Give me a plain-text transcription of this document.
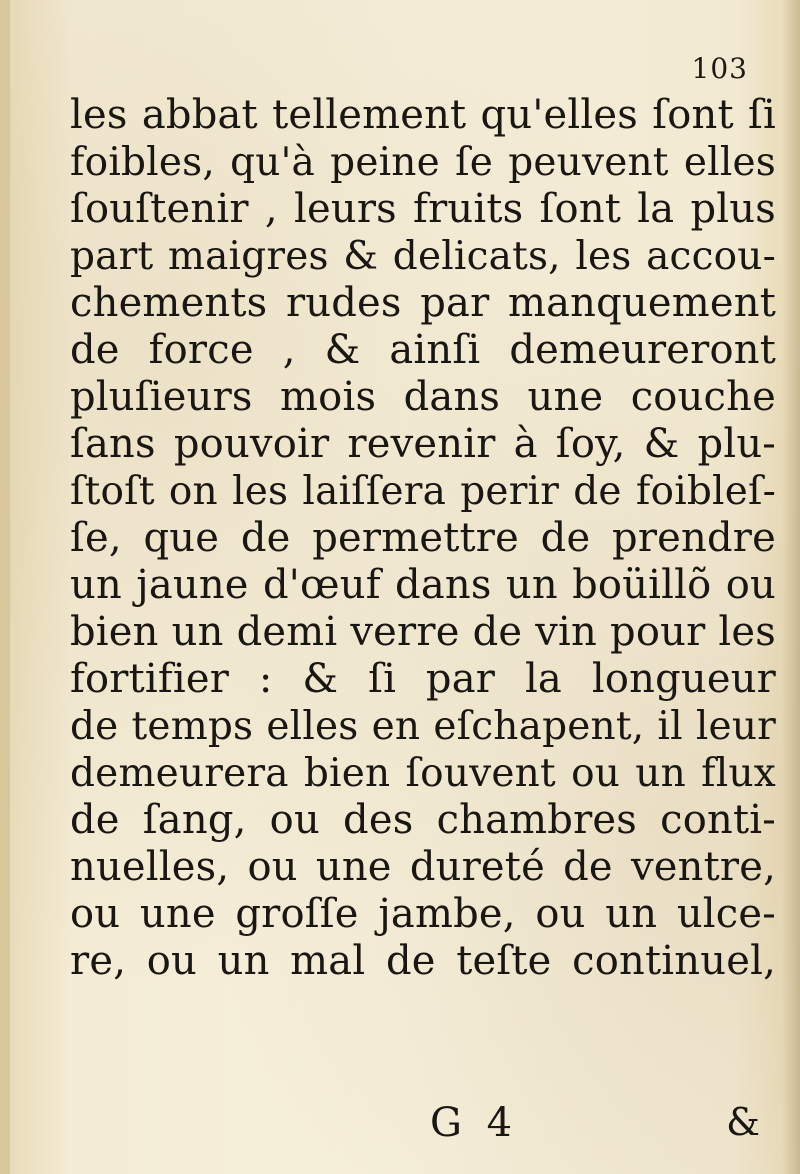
103
les abbat tellement qu'elles ſont ſi
foibles, qu'à peine ſe peuvent elles
ſouſtenir , leurs fruits ſont la plus
part maigres & delicats, les accou-
chements rudes par manquement
de force , & ainſi demeureront
pluſieurs mois dans une couche
ſans pouvoir revenir à ſoy, & plu-
ſtoſt on les laiſſera perir de foibleſ-
ſe, que de permettre de prendre
un jaune d'œuf dans un boüillõ ou
bien un demi verre de vin pour les
fortifier : & ſi par la longueur
de temps elles en eſchapent, il leur
demeurera bien ſouvent ou un flux
de ſang, ou des chambres conti-
nuelles, ou une dureté de ventre,
ou une groſſe jambe, ou un ulce-
re, ou un mal de teſte continuel,
G 4	&
